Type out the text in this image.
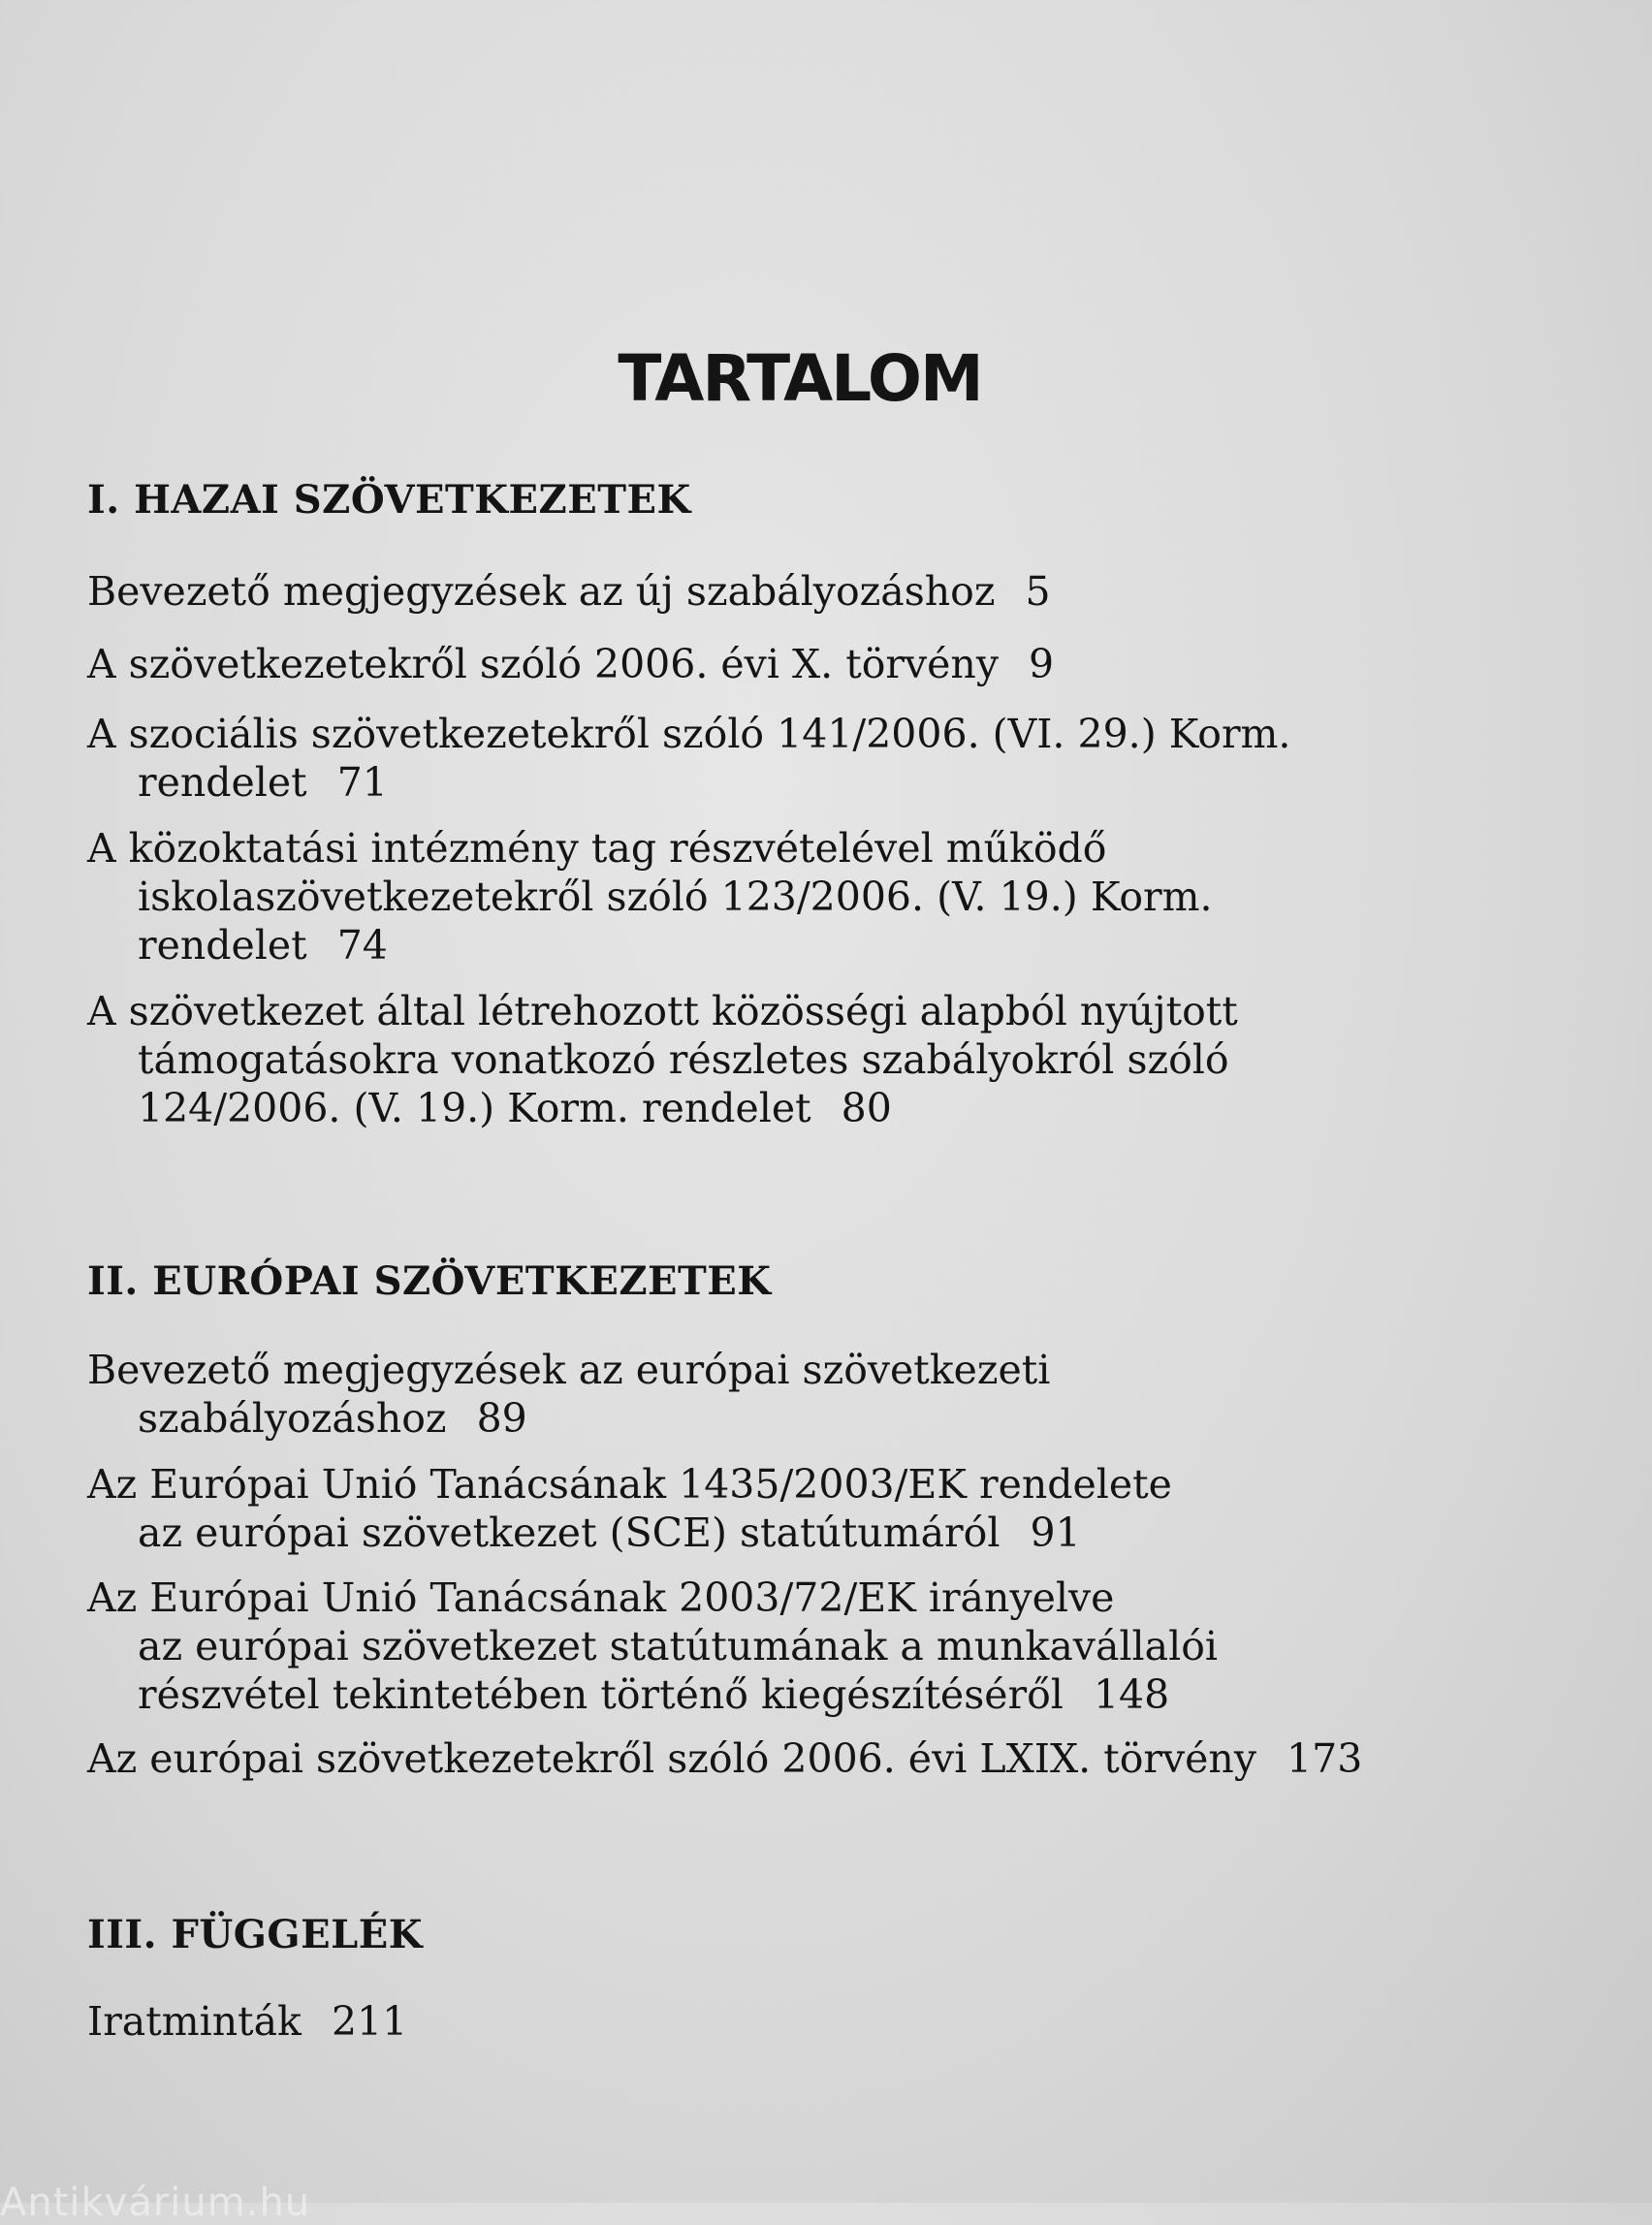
TARTALOM
I. HAZAI SZÖVETKEZETEK
Bevezető megjegyzések az új szabályozáshoz 5
A szövetkezetekről szóló 2006. évi X. törvény 9
A szociális szövetkezetekről szóló 141/2006. (VI. 29.) Korm.
rendelet 71
A közoktatási intézmény tag részvételével működő
iskolaszövetkezetekről szóló 123/2006. (V. 19.) Korm.
rendelet 74
A szövetkezet által létrehozott közösségi alapból nyújtott
támogatásokra vonatkozó részletes szabályokról szóló
124/2006. (V. 19.) Korm. rendelet 80
II. EURÓPAI SZÖVETKEZETEK
Bevezető megjegyzések az európai szövetkezeti
szabályozáshoz 89
Az Európai Unió Tanácsának 1435/2003/EK rendelete
az európai szövetkezet (SCE) statútumáról 91
Az Európai Unió Tanácsának 2003/72/EK irányelve
az európai szövetkezet statútumának a munkavállalói
részvétel tekintetében történő kiegészítéséről 148
Az európai szövetkezetekről szóló 2006. évi LXIX. törvény 173
III. FÜGGELÉK
Iratminták 211
Antikvárium.hu
